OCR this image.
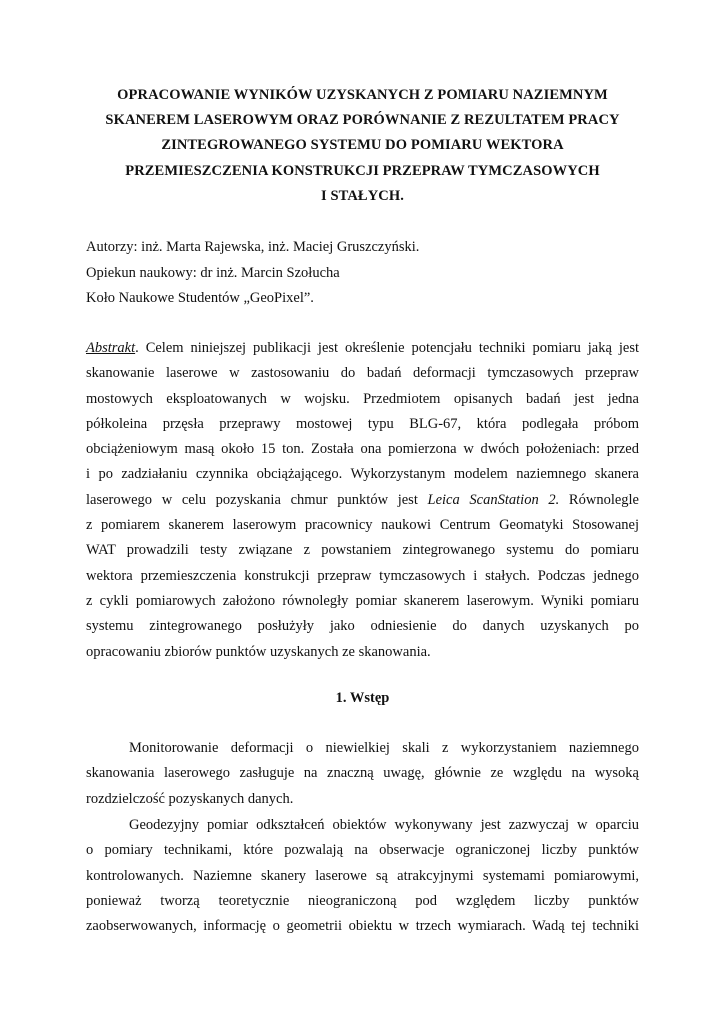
OPRACOWANIE WYNIKÓW UZYSKANYCH Z POMIARU NAZIEMNYM
SKANEREM LASEROWYM ORAZ PORÓWNANIE Z REZULTATEM PRACY
ZINTEGROWANEGO SYSTEMU DO POMIARU WEKTORA
PRZEMIESZCZENIA KONSTRUKCJI PRZEPRAW TYMCZASOWYCH
I STAŁYCH.
Autorzy: inż. Marta Rajewska, inż. Maciej Gruszczyński.
Opiekun naukowy: dr inż. Marcin Szołucha
Koło Naukowe Studentów „GeoPixel”.
Abstrakt. Celem niniejszej publikacji jest określenie potencjału techniki pomiaru jaką jest
skanowanie laserowe w zastosowaniu do badań deformacji tymczasowych przepraw
mostowych eksploatowanych w wojsku. Przedmiotem opisanych badań jest jedna
półkoleina przęsła przeprawy mostowej typu BLG-67, która podlegała próbom
obciążeniowym masą około 15 ton. Została ona pomierzona w dwóch położeniach: przed
i po zadziałaniu czynnika obciążającego. Wykorzystanym modelem naziemnego skanera
laserowego w celu pozyskania chmur punktów jest Leica ScanStation 2. Równolegle
z pomiarem skanerem laserowym pracownicy naukowi Centrum Geomatyki Stosowanej
WAT prowadzili testy związane z powstaniem zintegrowanego systemu do pomiaru
wektora przemieszczenia konstrukcji przepraw tymczasowych i stałych. Podczas jednego
z cykli pomiarowych założono równoległy pomiar skanerem laserowym. Wyniki pomiaru
systemu zintegrowanego posłużyły jako odniesienie do danych uzyskanych po
opracowaniu zbiorów punktów uzyskanych ze skanowania.
1. Wstęp
Monitorowanie deformacji o niewielkiej skali z wykorzystaniem naziemnego
skanowania laserowego zasługuje na znaczną uwagę, głównie ze względu na wysoką
rozdzielczość pozyskanych danych.
Geodezyjny pomiar odkształceń obiektów wykonywany jest zazwyczaj w oparciu
o pomiary technikami, które pozwalają na obserwacje ograniczonej liczby punktów
kontrolowanych. Naziemne skanery laserowe są atrakcyjnymi systemami pomiarowymi,
ponieważ tworzą teoretycznie nieograniczoną pod względem liczby punktów
zaobserwowanych, informację o geometrii obiektu w trzech wymiarach. Wadą tej techniki
